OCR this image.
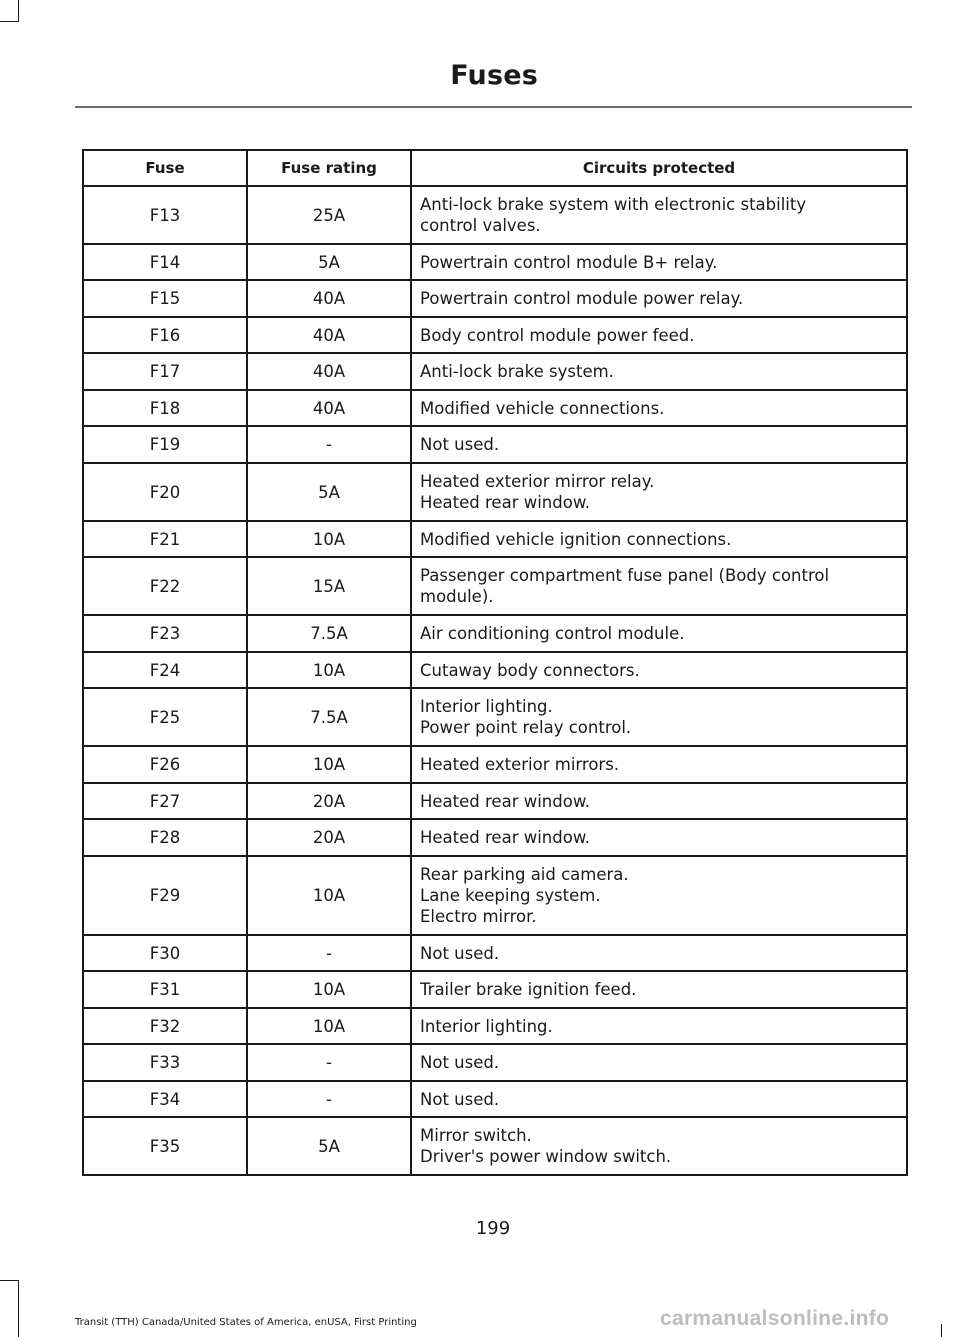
Fuses
Fuse	Fuse rating	Circuits protected
F13	25A	Anti-lock brake system with electronic stability
control valves.
F14	5A	Powertrain control module B+ relay.
F15	40A	Powertrain control module power relay.
F16	40A	Body control module power feed.
F17	40A	Anti-lock brake system.
F18	40A	Modified vehicle connections.
F19	-	Not used.
F20	5A	Heated exterior mirror relay.
Heated rear window.
F21	10A	Modified vehicle ignition connections.
F22	15A	Passenger compartment fuse panel (Body control
module).
F23	7.5A	Air conditioning control module.
F24	10A	Cutaway body connectors.
F25	7.5A	Interior lighting.
Power point relay control.
F26	10A	Heated exterior mirrors.
F27	20A	Heated rear window.
F28	20A	Heated rear window.
F29	10A	Rear parking aid camera.
Lane keeping system.
Electro mirror.
F30	-	Not used.
F31	10A	Trailer brake ignition feed.
F32	10A	Interior lighting.
F33	-	Not used.
F34	-	Not used.
F35	5A	Mirror switch.
Driver's power window switch.
199
Transit (TTH) Canada/United States of America, enUSA, First Printing	carmanualsonline.info
